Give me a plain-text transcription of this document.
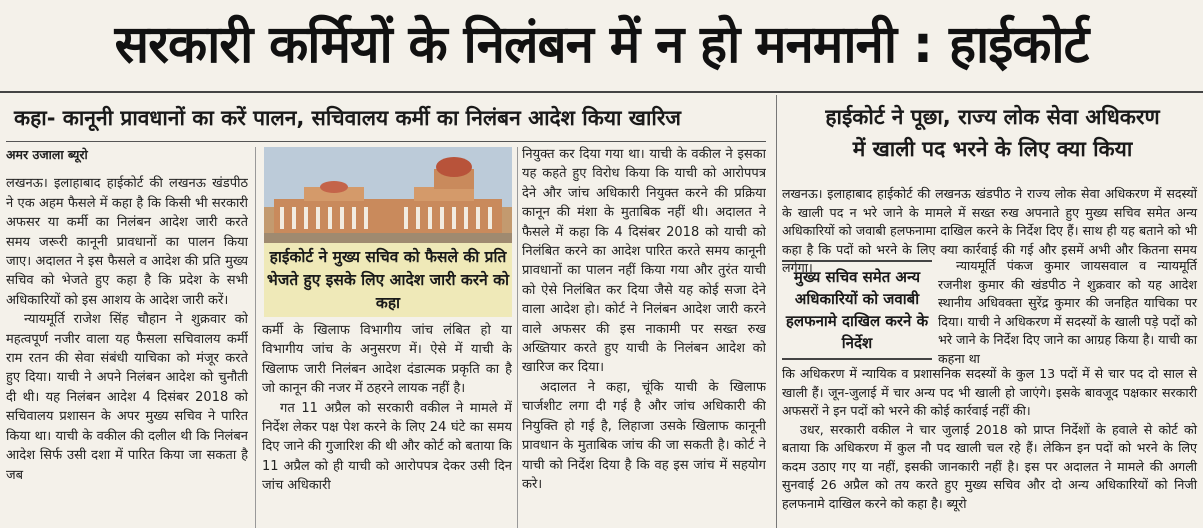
सरकारी कर्मियों के निलंबन में न हो मनमानी : हाईकोर्ट
कहा- कानूनी प्रावधानों का करें पालन, सचिवालय कर्मी का निलंबन आदेश किया खारिज
अमर उजाला ब्यूरो

लखनऊ। इलाहाबाद हाईकोर्ट की लखनऊ खंडपीठ ने एक अहम फैसले में कहा है कि किसी भी सरकारी अफसर या कर्मी का निलंबन आदेश जारी करते समय जरूरी कानूनी प्रावधानों का पालन किया जाए। अदालत ने इस फैसले व आदेश की प्रति मुख्य सचिव को भेजते हुए कहा है कि प्रदेश के सभी अधिकारियों को इस आशय के आदेश जारी करें।

न्यायमूर्ति राजेश सिंह चौहान ने शुक्रवार को महत्वपूर्ण नजीर वाला यह फैसला सचिवालय कर्मी राम रतन की सेवा संबंधी याचिका को मंजूर करते हुए दिया। याची ने अपने निलंबन आदेश को चुनौती दी थी। यह निलंबन आदेश 4 दिसंबर 2018 को सचिवालय प्रशासन के अपर मुख्य सचिव ने पारित किया था। याची के वकील की दलील थी कि निलंबन आदेश सिर्फ उसी दशा में पारित किया जा सकता है जब

हाईकोर्ट ने मुख्य सचिव को फैसले की प्रति भेजते हुए इसके लिए आदेश जारी करने को कहा

कर्मी के खिलाफ विभागीय जांच लंबित हो या विभागीय जांच के अनुसरण में। ऐसे में याची के खिलाफ जारी निलंबन आदेश दंडात्मक प्रकृति का है जो कानून की नजर में ठहरने लायक नहीं है।

गत 11 अप्रैल को सरकारी वकील ने मामले में निर्देश लेकर पक्ष पेश करने के लिए 24 घंटे का समय दिए जाने की गुजारिश की थी और कोर्ट को बताया कि 11 अप्रैल को ही याची को आरोपपत्र देकर उसी दिन जांच अधिकारी

नियुक्त कर दिया गया था। याची के वकील ने इसका यह कहते हुए विरोध किया कि याची को आरोपपत्र देने और जांच अधिकारी नियुक्त करने की प्रक्रिया कानून की मंशा के मुताबिक नहीं थी। अदालत ने फैसले में कहा कि 4 दिसंबर 2018 को याची को निलंबित करने का आदेश पारित करते समय कानूनी प्रावधानों का पालन नहीं किया गया और तुरंत याची को ऐसे निलंबित कर दिया जैसे यह कोई सजा देने वाला आदेश हो। कोर्ट ने निलंबन आदेश जारी करने वाले अफसर की इस नाकामी पर सख्त रुख अख्तियार करते हुए याची के निलंबन आदेश को खारिज कर दिया।

अदालत ने कहा, चूंकि याची के खिलाफ चार्जशीट लगा दी गई है और जांच अधिकारी की नियुक्ति हो गई है, लिहाजा उसके खिलाफ कानूनी प्रावधान के मुताबिक जांच की जा सकती है। कोर्ट ने याची को निर्देश दिया है कि वह इस जांच में सहयोग करे।

हाईकोर्ट ने पूछा, राज्य लोक सेवा अधिकरण
में खाली पद भरने के लिए क्या किया
लखनऊ। इलाहाबाद हाईकोर्ट की लखनऊ खंडपीठ ने राज्य लोक सेवा अधिकरण में सदस्यों के खाली पद न भरे जाने के मामले में सख्त रुख अपनाते हुए मुख्य सचिव समेत अन्य अधिकारियों को जवाबी हलफनामा दाखिल करने के निर्देश दिए हैं। साथ ही यह बताने को भी कहा है कि पदों को भरने के लिए क्या कार्रवाई की गई और इसमें अभी और कितना समय लगेगा।
मुख्य सचिव समेत अन्य अधिकारियों को जवाबी हलफनामे दाखिल करने के निर्देश
न्यायमूर्ति पंकज कुमार जायसवाल व न्यायमूर्ति रजनीश कुमार की खंडपीठ ने शुक्रवार को यह आदेश स्थानीय अधिवक्ता सुरेंद्र कुमार की जनहित याचिका पर दिया। याची ने अधिकरण में सदस्यों के खाली पड़े पदों को भरे जाने के निर्देश दिए जाने का आग्रह किया है। याची का कहना था

कि अधिकरण में न्यायिक व प्रशासनिक सदस्यों के कुल 13 पदों में से चार पद दो साल से खाली हैं। जून-जुलाई में चार अन्य पद भी खाली हो जाएंगे। इसके बावजूद पक्षकार सरकारी अफसरों ने इन पदों को भरने की कोई कार्रवाई नहीं की।

उधर, सरकारी वकील ने चार जुलाई 2018 को प्राप्त निर्देशों के हवाले से कोर्ट को बताया कि अधिकरण में कुल नौ पद खाली चल रहे हैं। लेकिन इन पदों को भरने के लिए कदम उठाए गए या नहीं, इसकी जानकारी नहीं है। इस पर अदालत ने मामले की अगली सुनवाई 26 अप्रैल को तय करते हुए मुख्य सचिव और दो अन्य अधिकारियों को निजी हलफनामे दाखिल करने को कहा है। ब्यूरो
